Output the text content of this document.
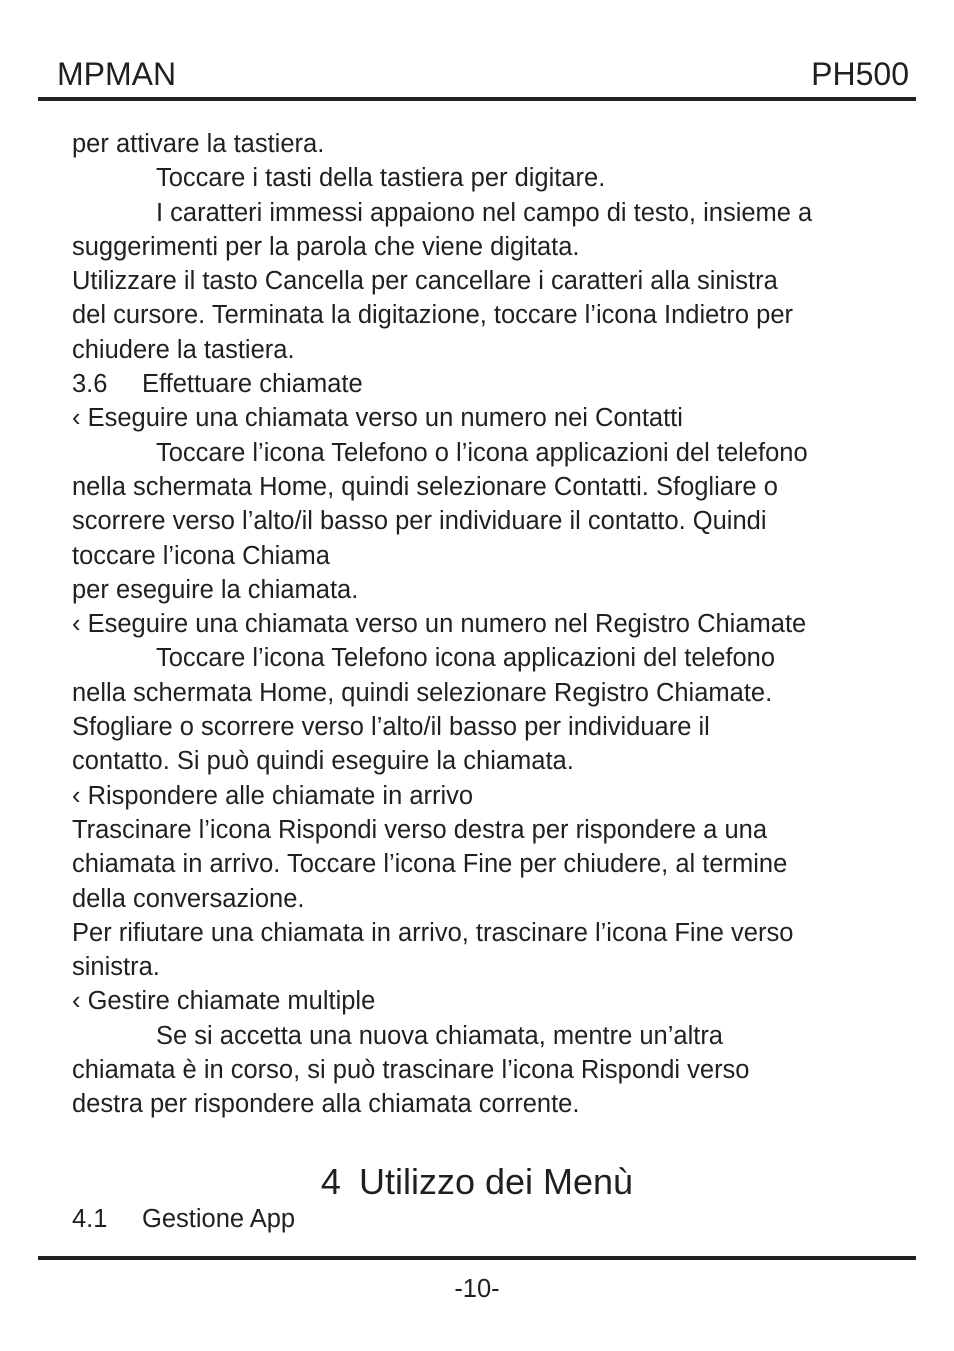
MPMAN	PH500
per attivare la tastiera.
Toccare i tasti della tastiera per digitare.
I caratteri immessi appaiono nel campo di testo, insieme a
suggerimenti per la parola che viene digitata.
Utilizzare il tasto Cancella per cancellare i caratteri alla sinistra
del cursore. Terminata la digitazione, toccare l’icona Indietro per
chiudere la tastiera.
3.6 Effettuare chiamate
‹ Eseguire una chiamata verso un numero nei Contatti
Toccare l’icona Telefono o l’icona applicazioni del telefono
nella schermata Home, quindi selezionare Contatti. Sfogliare o
scorrere verso l’alto/il basso per individuare il contatto. Quindi
toccare l’icona Chiama
per eseguire la chiamata.
‹ Eseguire una chiamata verso un numero nel Registro Chiamate
Toccare l’icona Telefono icona applicazioni del telefono
nella schermata Home, quindi selezionare Registro Chiamate.
Sfogliare o scorrere verso l’alto/il basso per individuare il
contatto. Si può quindi eseguire la chiamata.
‹ Rispondere alle chiamate in arrivo
Trascinare l’icona Rispondi verso destra per rispondere a una
chiamata in arrivo. Toccare l’icona Fine per chiudere, al termine
della conversazione.
Per rifiutare una chiamata in arrivo, trascinare l’icona Fine verso
sinistra.
‹ Gestire chiamate multiple
Se si accetta una nuova chiamata, mentre un’altra
chiamata è in corso, si può trascinare l’icona Rispondi verso
destra per rispondere alla chiamata corrente.
4 Utilizzo dei Menù
4.1 Gestione App
-10-
